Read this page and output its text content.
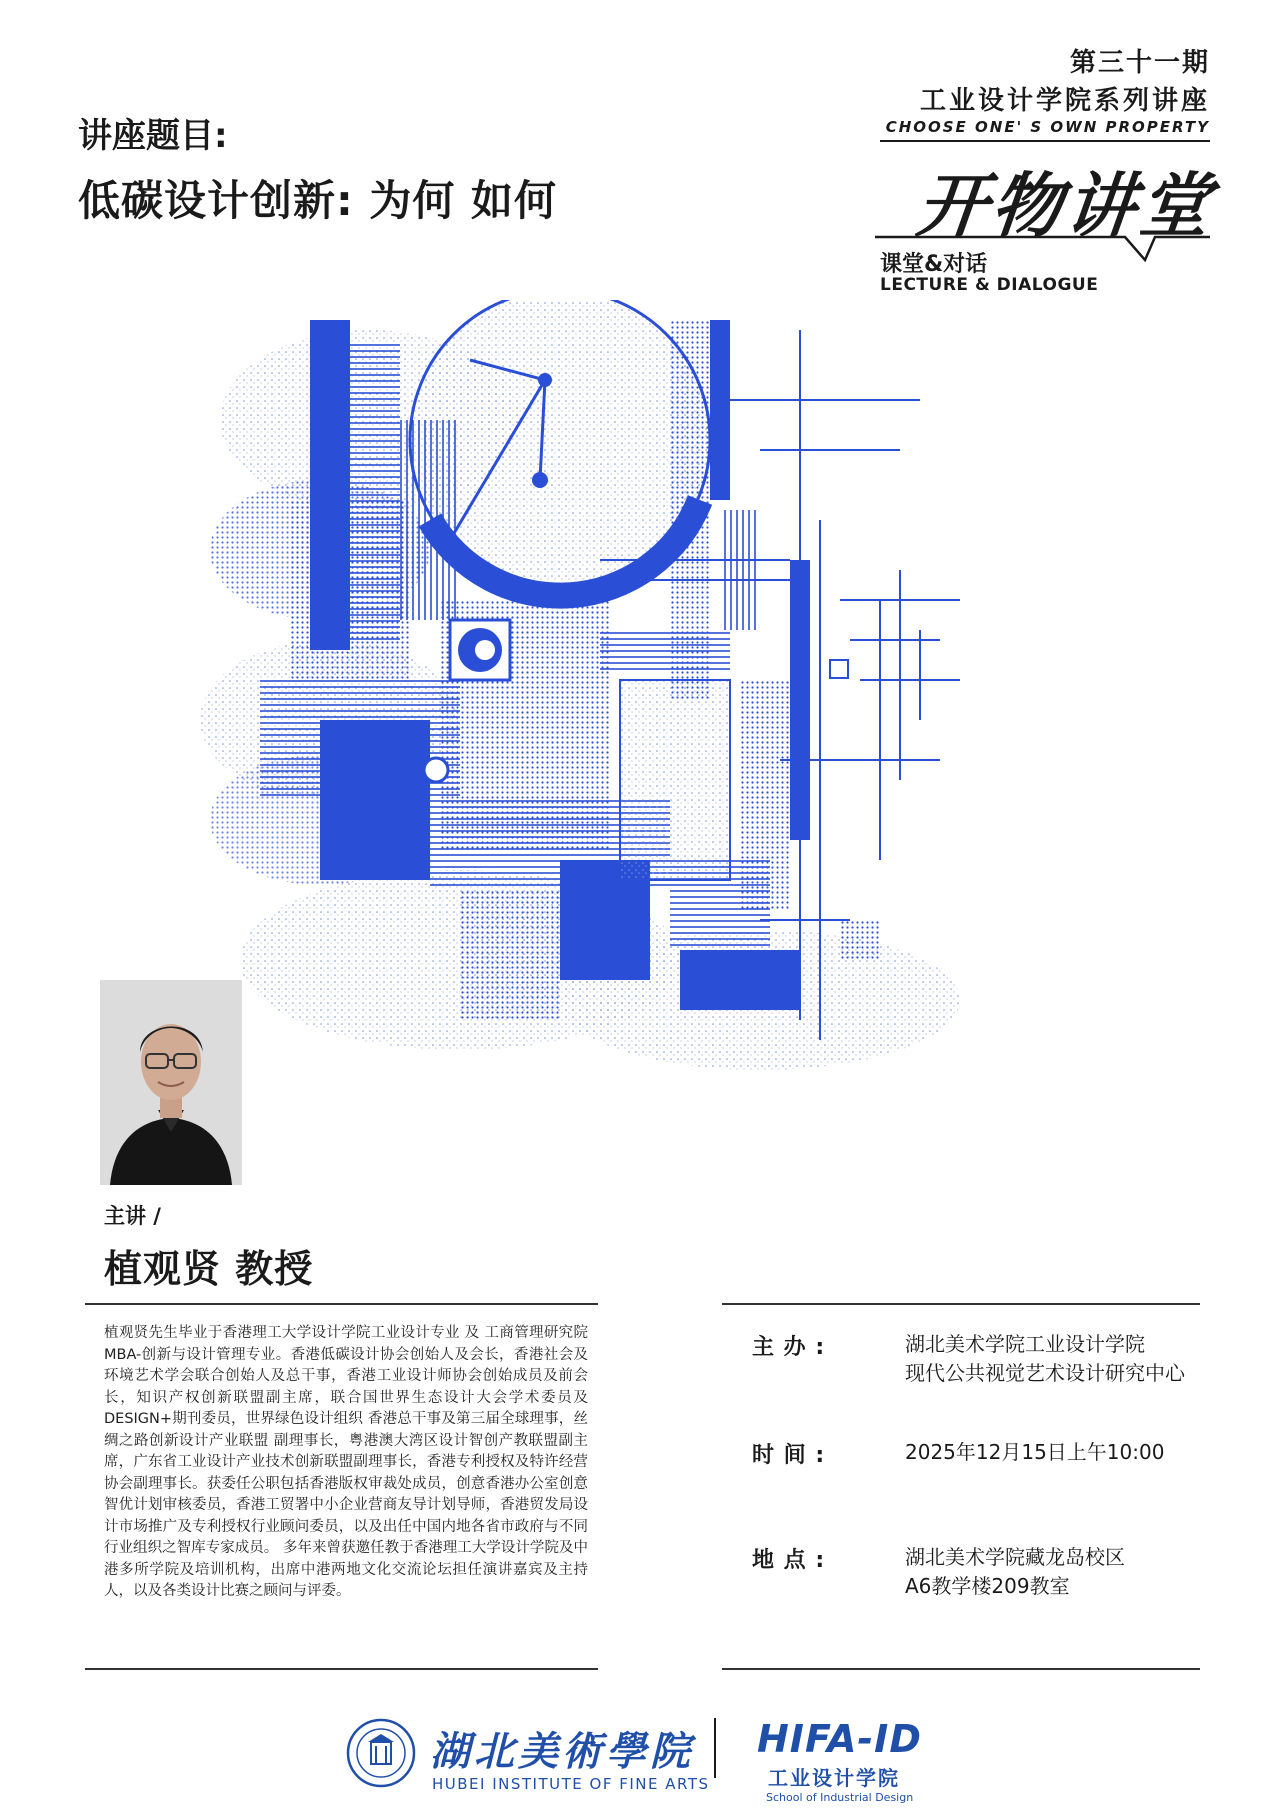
第三十一期
工业设计学院系列讲座
CHOOSE ONE' S OWN PROPERTY
开物讲堂
课堂&对话
LECTURE & DIALOGUE
讲座题目:
低碳设计创新: 为何 如何
主讲 /
植观贤 教授
植观贤先生毕业于香港理工大学设计学院工业设计专业 及 工商管理研究院MBA-创新与设计管理专业。香港低碳设计协会创始人及会长，香港社会及环境艺术学会联合创始人及总干事，香港工业设计师协会创始成员及前会长，知识产权创新联盟副主席，联合国世界生态设计大会学术委员及DESIGN+期刊委员，世界绿色设计组织 香港总干事及第三届全球理事，丝绸之路创新设计产业联盟 副理事长，粤港澳大湾区设计智创产教联盟副主席，广东省工业设计产业技术创新联盟副理事长，香港专利授权及特许经营协会副理事长。获委任公职包括香港版权审裁处成员，创意香港办公室创意智优计划审核委员，香港工贸署中小企业营商友导计划导师，香港贸发局设计市场推广及专利授权行业顾问委员，以及出任中国内地各省市政府与不同行业组织之智库专家成员。 多年来曾获邀任教于香港理工大学设计学院及中港多所学院及培训机构，出席中港两地文化交流论坛担任演讲嘉宾及主持人，以及各类设计比赛之顾问与评委。
主 办 :	湖北美术学院工业设计学院
现代公共视觉艺术设计研究中心
时 间 :	2025年12月15日上午10:00
地 点 :	湖北美术学院藏龙岛校区
A6教学楼209教室
湖北美術學院
HUBEI INSTITUTE OF FINE ARTS
HIFA-ID
工业设计学院
School of Industrial Design
